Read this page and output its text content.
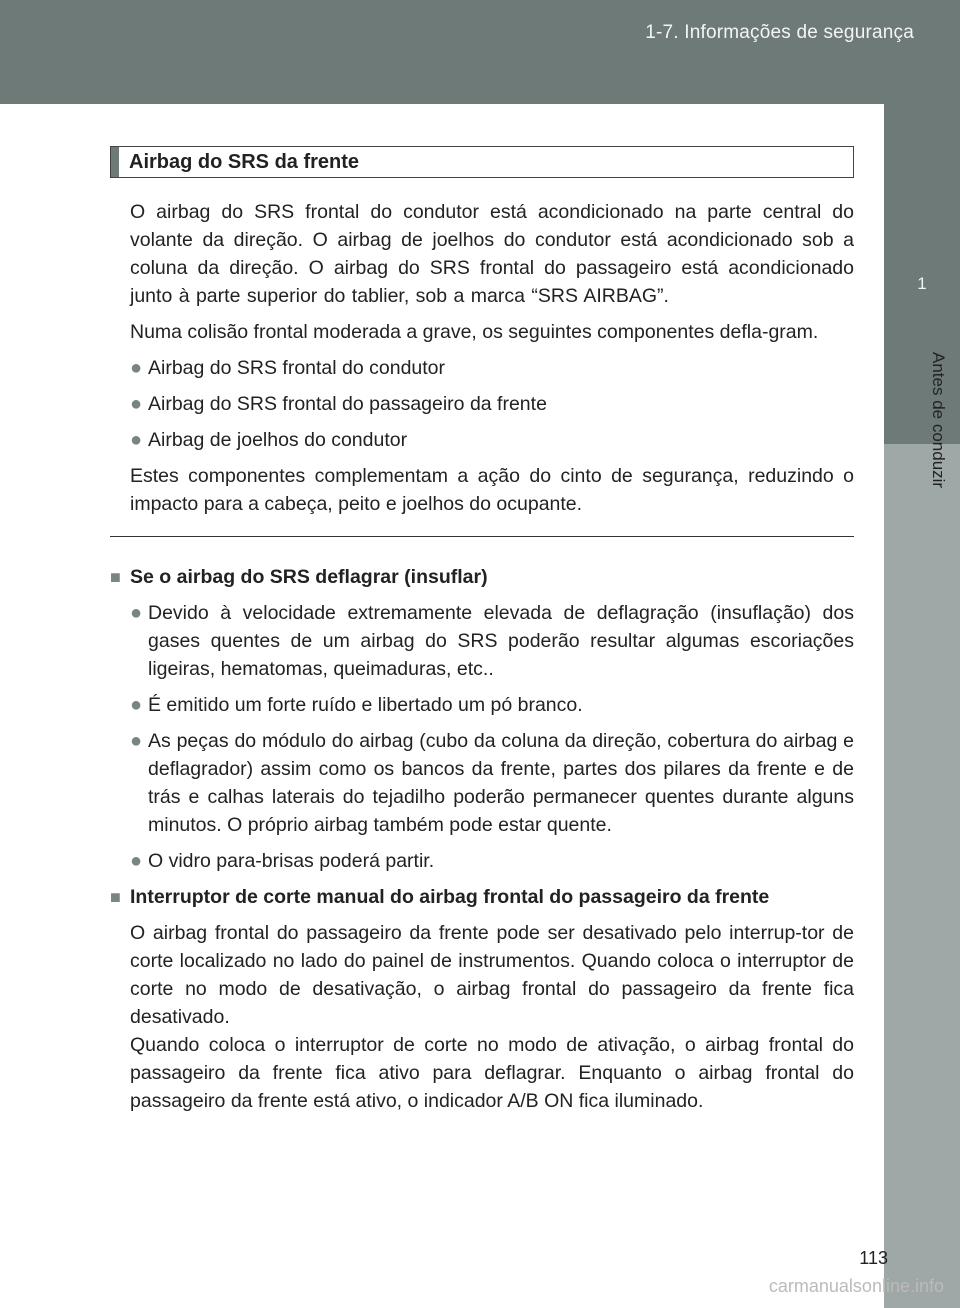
1-7. Informações de segurança
1
Antes de conduzir
Airbag do SRS da frente

O airbag do SRS frontal do condutor está acondicionado na parte central do volante da direção. O airbag de joelhos do condutor está acondicionado sob a coluna da direção. O airbag do SRS frontal do passageiro está acondicionado junto à parte superior do tablier, sob a marca “SRS AIRBAG”.

Numa colisão frontal moderada a grave, os seguintes componentes defla-gram.

● Airbag do SRS frontal do condutor
● Airbag do SRS frontal do passageiro da frente
● Airbag de joelhos do condutor

Estes componentes complementam a ação do cinto de segurança, reduzindo o impacto para a cabeça, peito e joelhos do ocupante.

■ Se o airbag do SRS deflagrar (insuflar)
● Devido à velocidade extremamente elevada de deflagração (insuflação) dos gases quentes de um airbag do SRS poderão resultar algumas escoriações ligeiras, hematomas, queimaduras, etc..
● É emitido um forte ruído e libertado um pó branco.
● As peças do módulo do airbag (cubo da coluna da direção, cobertura do airbag e deflagrador) assim como os bancos da frente, partes dos pilares da frente e de trás e calhas laterais do tejadilho poderão permanecer quentes durante alguns minutos. O próprio airbag também pode estar quente.
● O vidro para-brisas poderá partir.
■ Interruptor de corte manual do airbag frontal do passageiro da frente

O airbag frontal do passageiro da frente pode ser desativado pelo interrup-tor de corte localizado no lado do painel de instrumentos. Quando coloca o interruptor de corte no modo de desativação, o airbag frontal do passageiro da frente fica desativado.

Quando coloca o interruptor de corte no modo de ativação, o airbag frontal do passageiro da frente fica ativo para deflagrar. Enquanto o airbag frontal do passageiro da frente está ativo, o indicador A/B ON fica iluminado.

113
carmanualsonline.info
